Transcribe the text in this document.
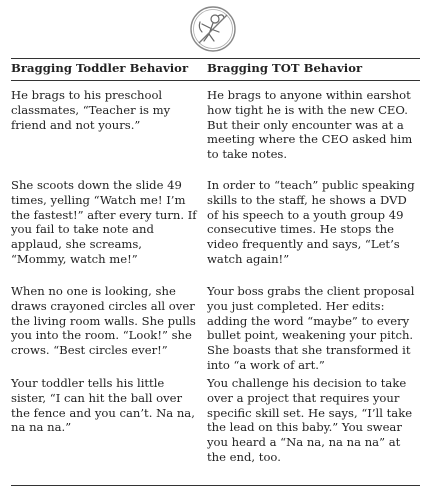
Bragging Toddler Behavior Bragging TOT Behavior
He brags to his preschool classmates, “Teacher is my friend and not yours.”
He brags to anyone within earshot how tight he is with the new CEO. But their only encounter was at a meeting where the CEO asked him to take notes.
She scoots down the slide 49 times, yelling “Watch me! I’m the fastest!” after every turn. If you fail to take note and applaud, she screams, “Mommy, watch me!”
In order to “teach” public speaking skills to the staff, he shows a DVD of his speech to a youth group 49 consecutive times. He stops the video frequently and says, “Let’s watch again!”
When no one is looking, she draws crayoned circles all over the living room walls. She pulls you into the room. “Look!” she crows. “Best circles ever!”
Your boss grabs the client proposal you just completed. Her edits: adding the word “maybe” to every bullet point, weakening your pitch. She boasts that she transformed it into “a work of art.”
Your toddler tells his little sister, “I can hit the ball over the fence and you can’t. Na na, na na na.”
You challenge his decision to take over a project that requires your specific skill set. He says, “I’ll take the lead on this baby.” You swear you heard a “Na na, na na na” at the end, too.
